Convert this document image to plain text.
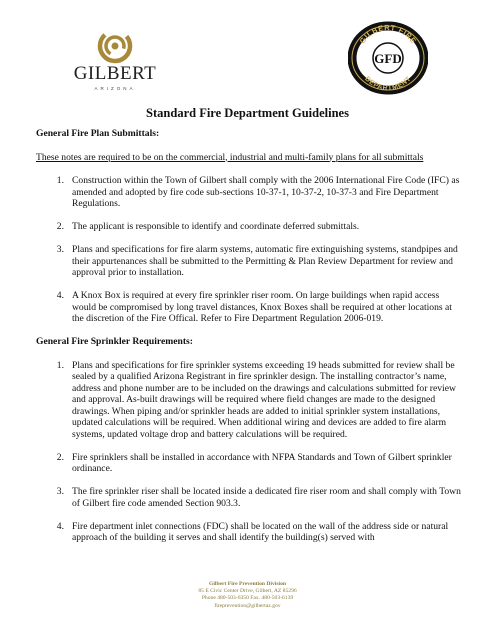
GILBERT
ARIZONA
GILBERT FIRE
DEPARTMENT
GFD
Standard Fire Department Guidelines
General Fire Plan Submittals:
These notes are required to be on the commercial, industrial and multi-family plans for all submittals
1. Construction within the Town of Gilbert shall comply with the 2006 International Fire Code (IFC) as amended and adopted by fire code sub-sections 10-37-1, 10-37-2, 10-37-3 and Fire Department Regulations.
2. The applicant is responsible to identify and coordinate deferred submittals.
3. Plans and specifications for fire alarm systems, automatic fire extinguishing systems, standpipes and their appurtenances shall be submitted to the Permitting & Plan Review Department for review and approval prior to installation.
4. A Knox Box is required at every fire sprinkler riser room. On large buildings when rapid access would be compromised by long travel distances, Knox Boxes shall be required at other locations at the discretion of the Fire Offical. Refer to Fire Department Regulation 2006-019.
General Fire Sprinkler Requirements:
1. Plans and specifications for fire sprinkler systems exceeding 19 heads submitted for review shall be sealed by a qualified Arizona Registrant in fire sprinkler design. The installing contractor’s name, address and phone number are to be included on the drawings and calculations submitted for review and approval. As-built drawings will be required where field changes are made to the designed drawings. When piping and/or sprinkler heads are added to initial sprinkler system installations, updated calculations will be required. When additional wiring and devices are added to fire alarm systems, updated voltage drop and battery calculations will be required.
2. Fire sprinklers shall be installed in accordance with NFPA Standards and Town of Gilbert sprinkler ordinance.
3. The fire sprinkler riser shall be located inside a dedicated fire riser room and shall comply with Town of Gilbert fire code amended Section 903.3.
4. Fire department inlet connections (FDC) shall be located on the wall of the address side or natural approach of the building it serves and shall identify the building(s) served with
Gilbert Fire Prevention Division
85 E Civic Center Drive, Gilbert, AZ 85296
Phone 480-503-6350 Fax. 480-503-6139
fireprevention@gilbertaz.gov
